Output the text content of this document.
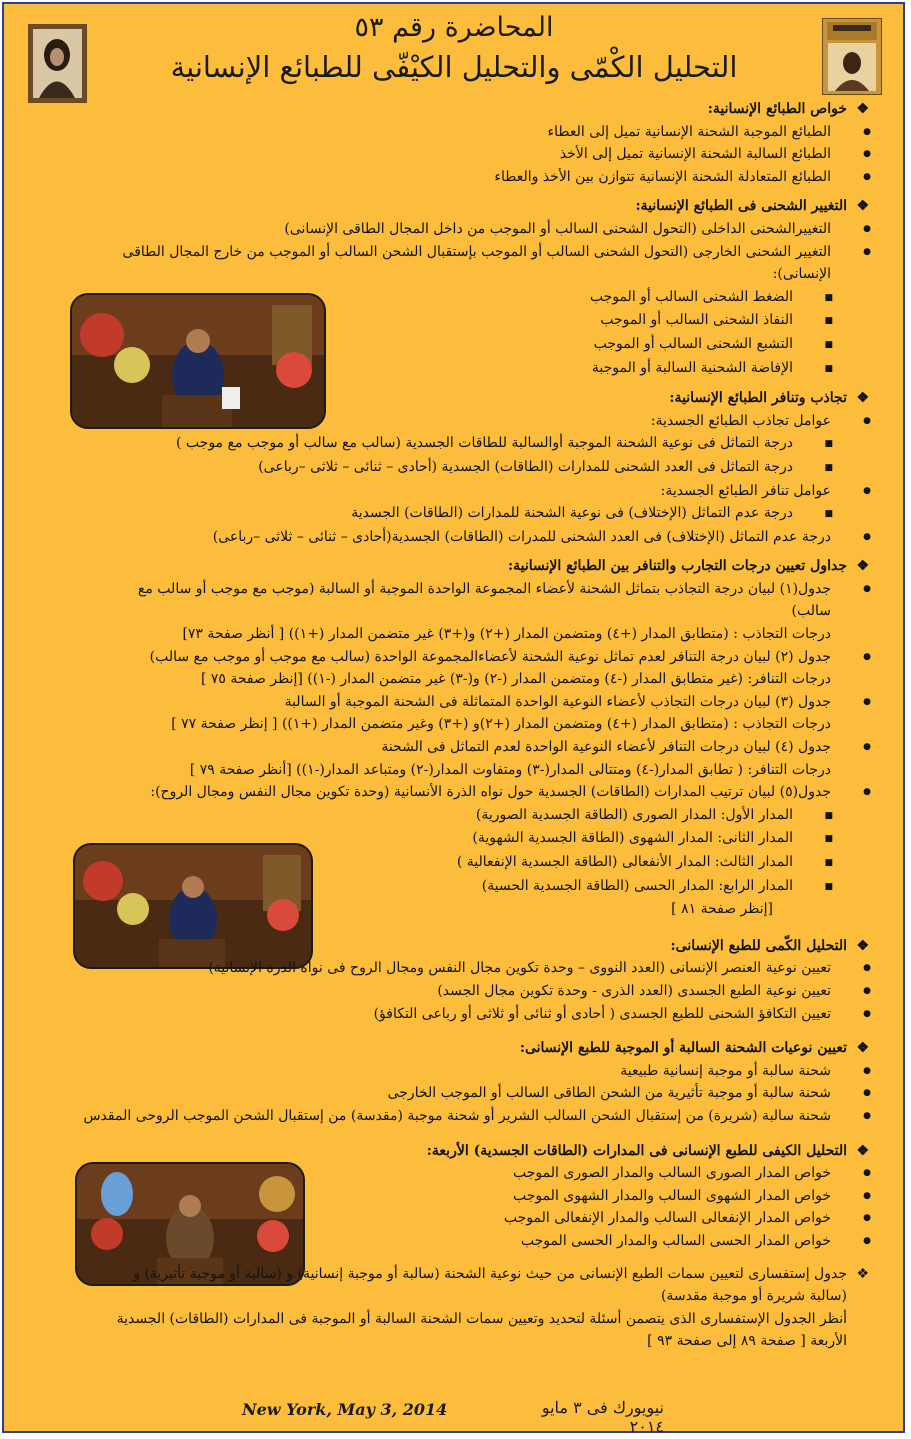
المحاضرة رقم ٥٣
التحليل الكْمّى والتحليل الكيْفّى للطبائع الإنسانية

❖ خواص الطبائع الإنسانية:

● الطبائع الموجبة الشحنة الإنسانية تميل إلى العطاء

● الطبائع السالبة الشحنة الإنسانية تميل إلى الأخذ

● الطبائع المتعادلة الشحنة الإنسانية تتوازن بين الأخذ والعطاء

❖ التغيير الشحنى فى الطبائع الإنسانية:

● التغييرالشحنى الداخلى (التحول الشحنى السالب أو الموجب من داخل المجال الطاقى الإنسانى)

● التغيير الشحنى الخارجى (التحول الشحنى السالب أو الموجب بإستقبال الشحن السالب أو الموجب من خارج المجال الطاقى

الإنسانى):

■ الضغط الشحنى السالب أو الموجب

■ النفاذ الشحنى السالب أو الموجب

■ التشبع الشحنى السالب أو الموجب

■ الإفاضة الشحنية السالبة أو الموجبة

❖ تجاذب وتنافر الطبائع الإنسانية:

● عوامل تجاذب الطبائع الجسدية:

■ درجة التماثل فى نوعية الشحنة الموجبة أوالسالبة للطاقات الجسدية (سالب مع سالب أو موجب مع موجب )

■ درجة التماثل فى العدد الشحنى للمدارات (الطاقات) الجسدية (أحادى – ثنائى – ثلاثى –رباعى)

● عوامل تنافر الطبائع الجسدية:

■ درجة عدم التماثل (الإختلاف) فى نوعية الشحنة للمدارات (الطاقات) الجسدية

● درجة عدم التماثل (الإختلاف) فى العدد الشحنى للمدرات (الطاقات) الجسدية(أحادى – ثنائى – ثلاثى –رباعى)

❖ جداول تعيين درجات التجارب والتنافر بين الطبائع الإنسانية:

● جدول(١) لبيان درجة التجاذب بتماثل الشحنة لأعضاء المجموعة الواحدة الموجبة أو السالبة (موجب مع موجب أو سالب مع

سالب)

درجات التجاذب : (متطابق المدار (+٤) ومتضمن المدار (+٢) و(+٣) غير متضمن المدار (+١)) [ أنظر صفحة ٧٣]

● جدول (٢) لبيان درجة التنافر لعدم تماثل نوعية الشحنة لأعضاءالمجموعة الواحدة (سالب مع موجب أو موجب مع سالب)

درجات التنافر: (غير متطابق المدار (-٤) ومتضمن المدار (-٢) و(-٣) غير متضمن المدار (-١)) [إنظر صفحة ٧٥ ]

● جدول (٣) لبيان درجات التجاذب لأعضاء النوعية الواحدة المتماثلة فى الشحنة الموجبة أو السالبة

درجات التجاذب : (متطابق المدار (+٤) ومتضمن المدار (+٢)و (+٣) وغير متضمن المدار (+١)) [ إنظر صفحة ٧٧ ]

● جدول (٤) لبيان درجات التنافر لأعضاء النوعية الواحدة لعدم التماثل فى الشحنة

درجات التنافر: ( تطابق المدار(-٤) ومتتالى المدار(-٣) ومتفاوت المدار(-٢) ومتباعد المدار(-١)) [أنظر صفحة ٧٩ ]

● جدول(٥) لبيان ترتيب المدارات (الطاقات) الجسدية حول نواه الذرة الأنسانية (وحدة تكوين مجال النفس ومجال الروح):

■ المدار الأول: المدار الصورى (الطاقة الجسدية الصورية)

■ المدار الثانى: المدار الشهوى (الطاقة الجسدية الشهوية)

■ المدار الثالث: المدار الأنفعالى (الطاقة الجسدية الإنفعالية )

■ المدار الرابع: المدار الحسى (الطاقة الجسدية الحسية)

[إنظر صفحة ٨١ ]

❖ التحليل الكّمى للطبع الإنسانى:

● تعيين نوعية العنصر الإنسانى (العدد النووى – وحدة تكوين مجال النفس ومجال الروح فى نواة الذرة الإنسانية)

● تعيين نوعية الطبع الجسدى (العدد الذرى - وحدة تكوين مجال الجسد)

● تعيين التكافؤ الشحنى للطبع الجسدى ( أحادى أو ثنائى أو ثلاثى أو رباعى التكافؤ)

❖ تعيين نوعيات الشحنة السالبة أو الموجبة للطبع الإنسانى:

● شحنة سالبة أو موجبة إنسانية طبيعية

● شحنة سالبة أو موجبة تأثيرية من الشحن الطاقى السالب أو الموجب الخارجى

● شحنة سالبة (شريرة) من إستقبال الشحن السالب الشرير أو شحنة موجبة (مقدسة) من إستقبال الشحن الموجب الروحى المقدس

❖ التحليل الكيفى للطبع الإنسانى فى المدارات (الطاقات الجسدية) الأربعة:

● خواص المدار الصورى السالب والمدار الصورى الموجب

● خواص المدار الشهوى السالب والمدار الشهوى الموجب

● خواص المدار الإنفعالى السالب والمدار الإنفعالى الموجب

● خواص المدار الحسى السالب والمدار الحسى الموجب

❖ جدول إستفسارى لتعيين سمات الطبع الإنسانى من حيث نوعية الشحنة (سالبة أو موجبة إنسانية) و (سالبة أو موجبة تأثيرية) و

(سالبة شريرة أو موجبة مقدسة)

أنظر الجدول الإستفسارى الذى يتصمن أسئلة لتحديد وتعيين سمات الشحنة السالبة أو الموجبة فى المدارات (الطاقات) الجسدية

الأربعة [ صفحة ٨٩ إلى صفحة ٩٣ ]

New York, May 3, 2014	نيويورك فى ٣ مايو ٢٠١٤
